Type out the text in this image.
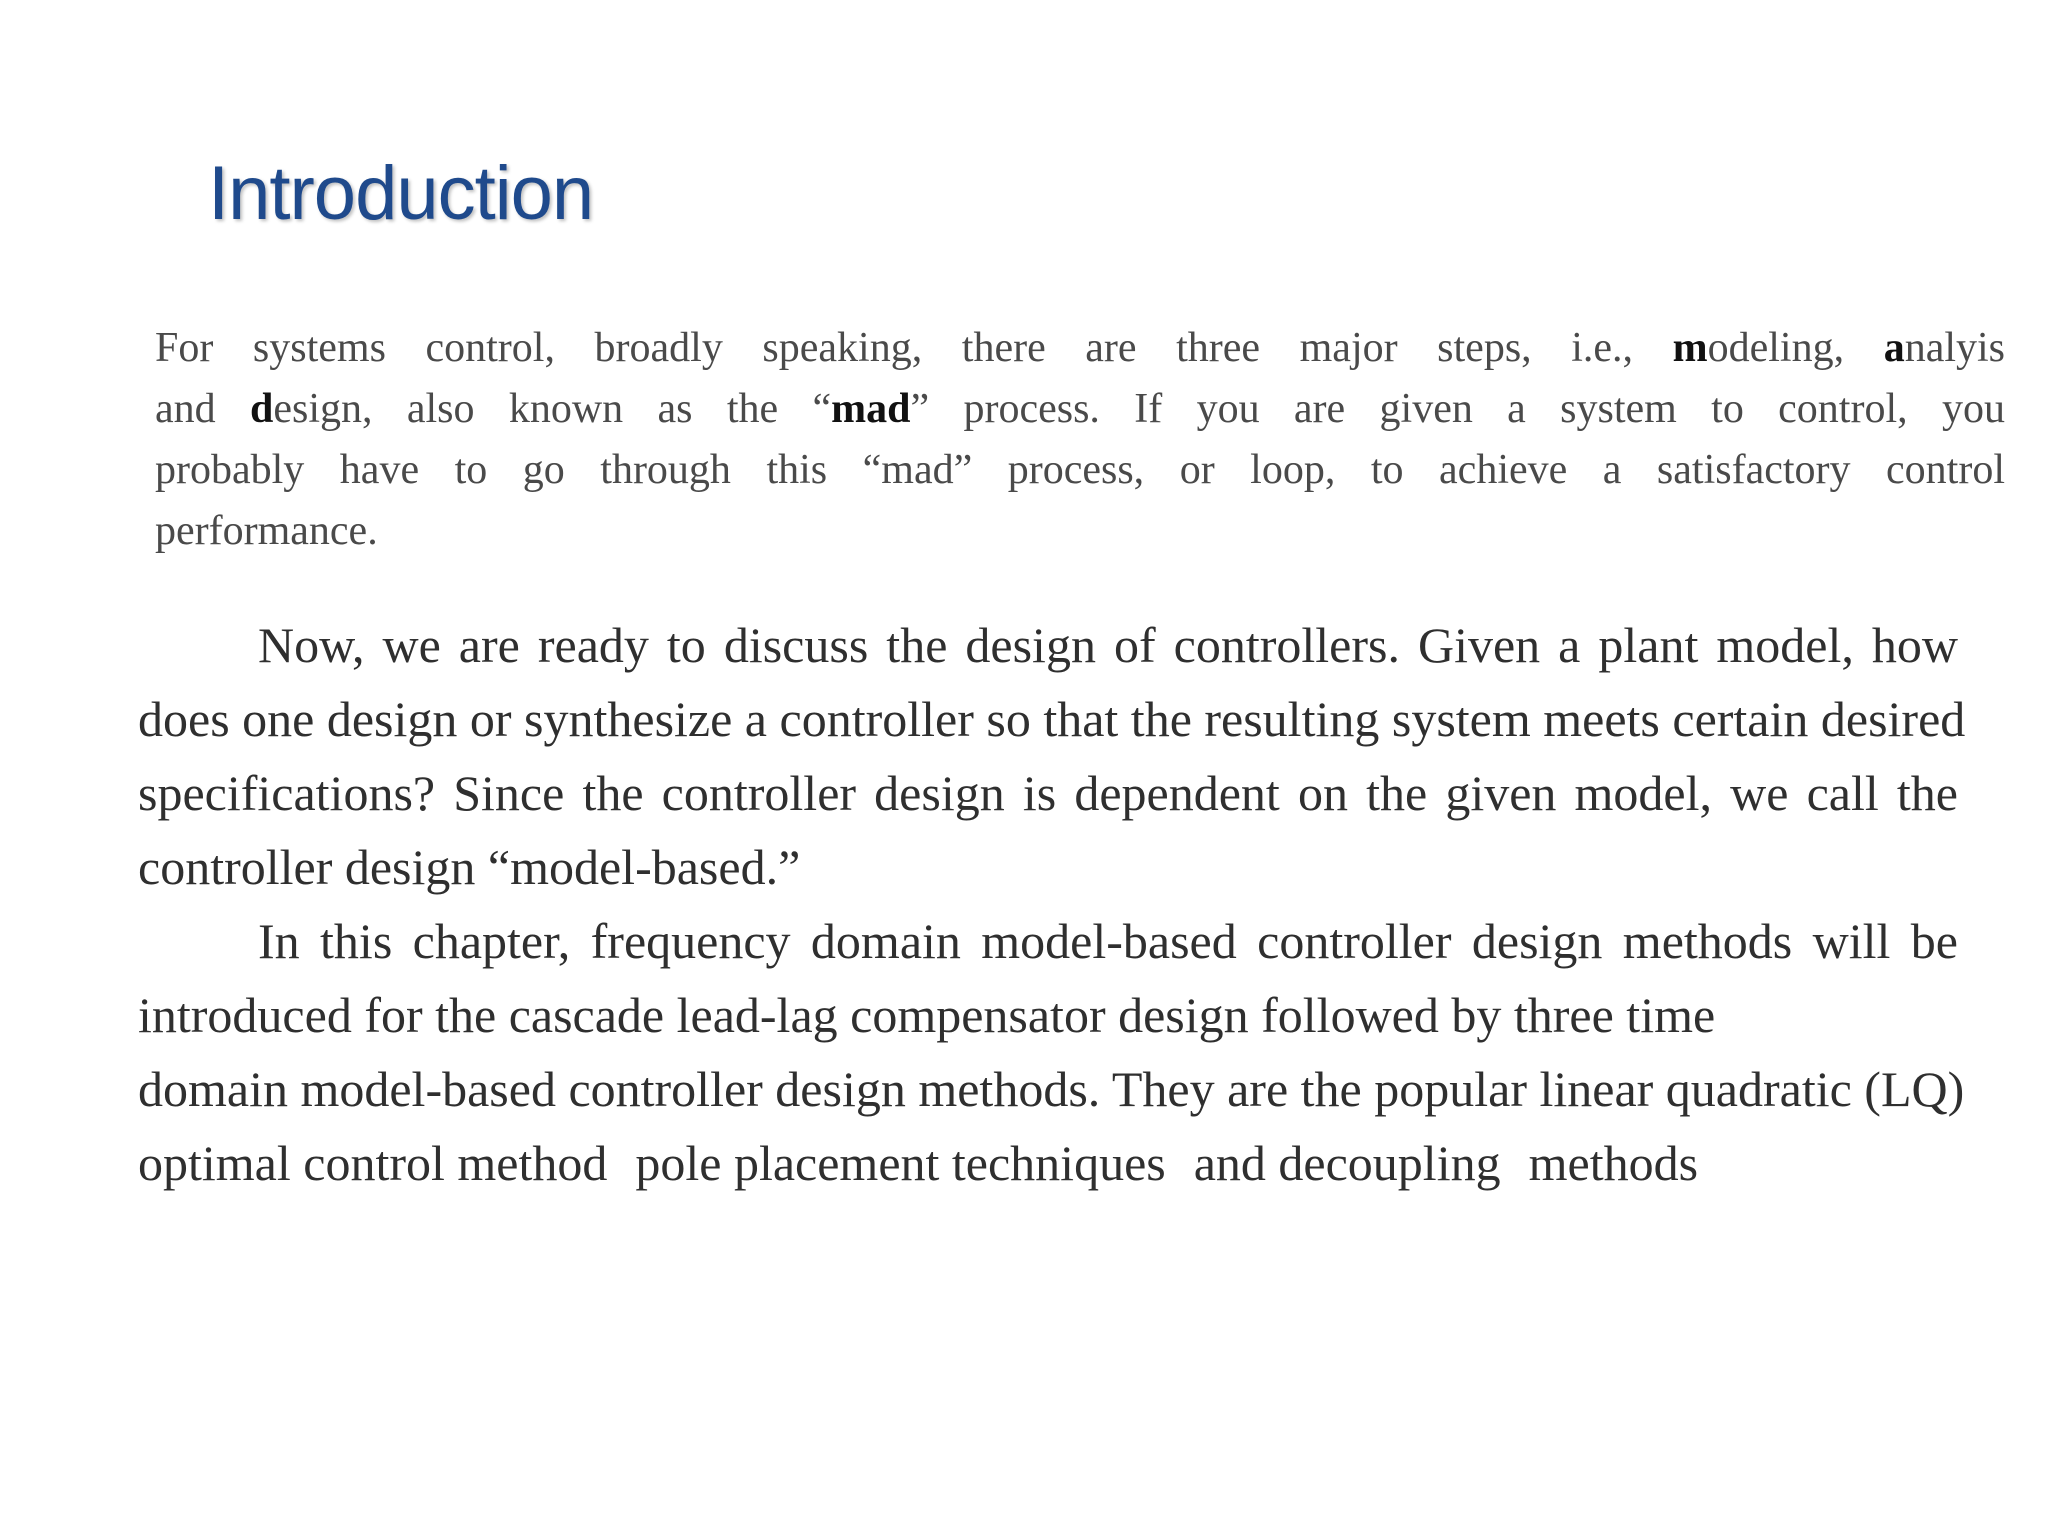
Introduction
For systems control, broadly speaking, there are three major steps, i.e., modeling, analyis
and design, also known as the “mad” process. If you are given a system to control, you
probably have to go through this “mad” process, or loop, to achieve a satisfactory control
performance.
Now, we are ready to discuss the design of controllers. Given a plant model, how
does one design or synthesize a controller so that the resulting system meets certain desired
specifications? Since the controller design is dependent on the given model, we call the
controller design “model-based.”
In this chapter, frequency domain model-based controller design methods will be
introduced for the cascade lead-lag compensator design followed by three time
domain model-based controller design methods. They are the popular linear quadratic (LQ)
optimal control method pole placement techniques and decoupling methods
